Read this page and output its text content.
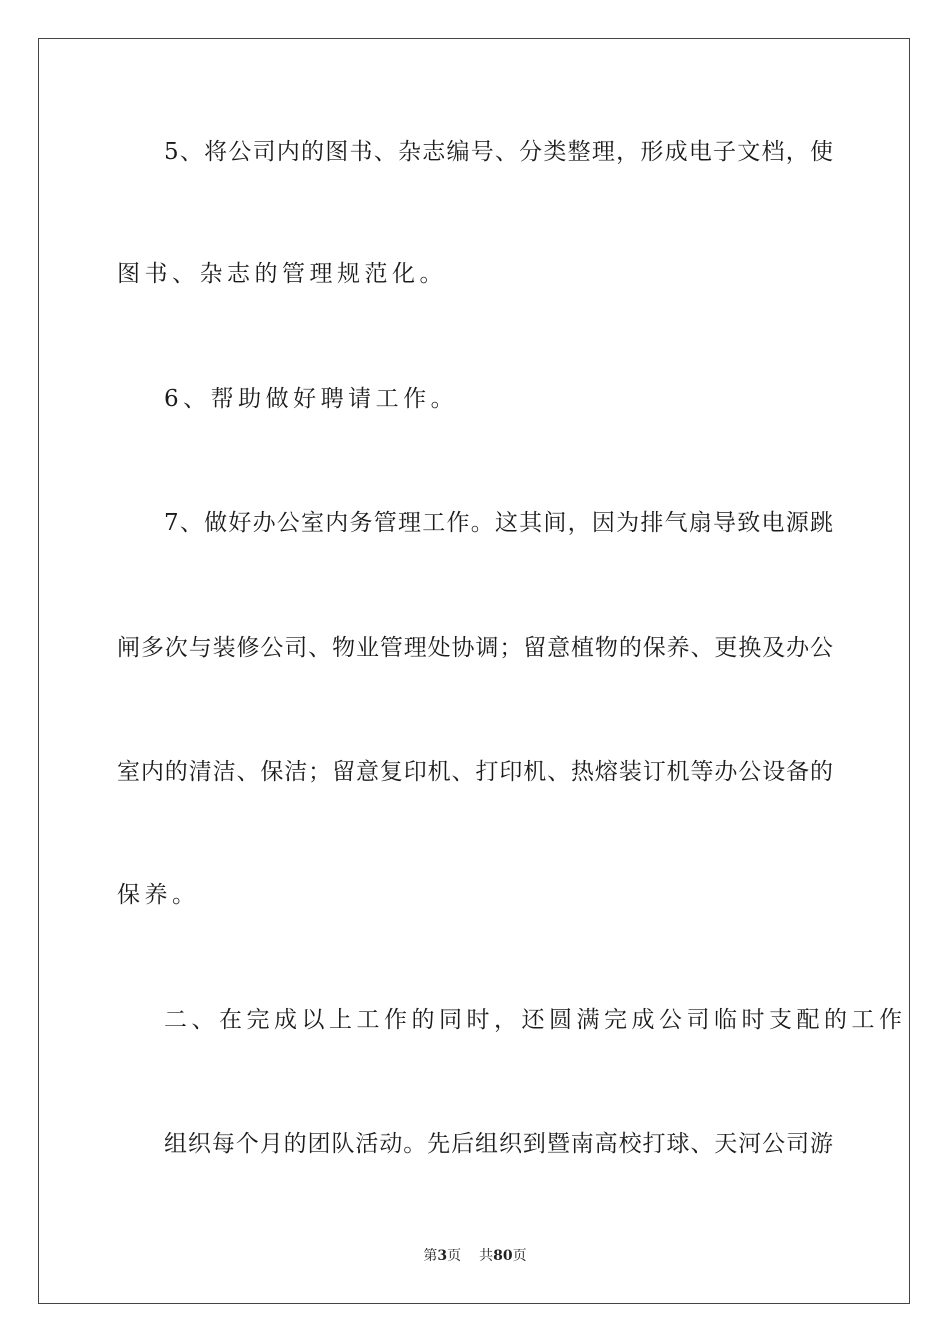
5、将公司内的图书、杂志编号、分类整理，形成电子文档，使
图书、杂志的管理规范化。
6、帮助做好聘请工作。
7、做好办公室内务管理工作。这其间，因为排气扇导致电源跳
闸多次与装修公司、物业管理处协调；留意植物的保养、更换及办公
室内的清洁、保洁；留意复印机、打印机、热熔装订机等办公设备的
保养。
二、在完成以上工作的同时，还圆满完成公司临时支配的工作
组织每个月的团队活动。先后组织到暨南高校打球、天河公司游
第3页 共80页
